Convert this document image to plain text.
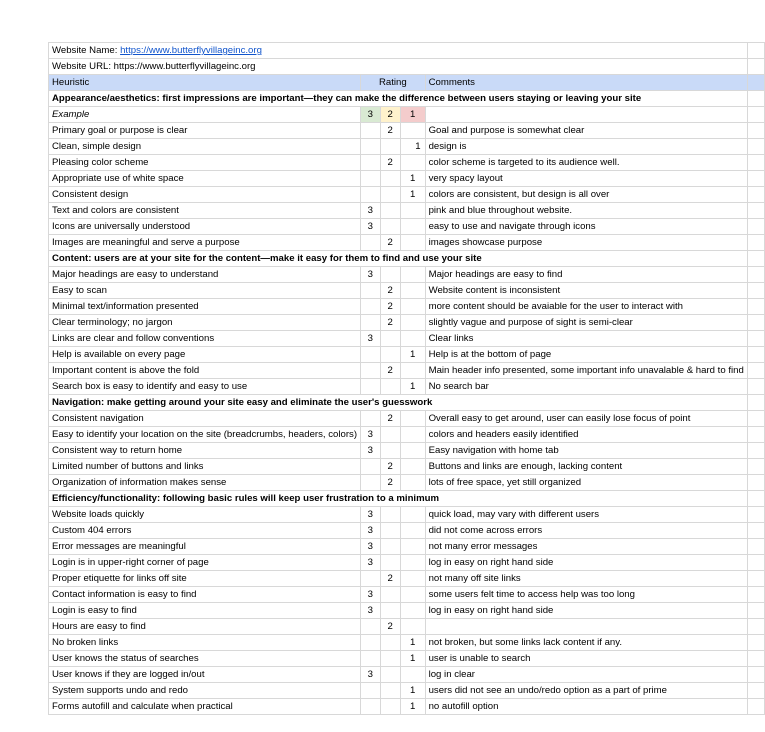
Website Name: https://www.butterflyvillageinc.org					
Website URL: https://www.butterflyvillageinc.org					
Heuristic	Rating			Comments	
Appearance/aesthetics: first impressions are important—they can make the difference between users staying or leaving your site					
Example	3	2	1		
Primary goal or purpose is clear		2		Goal and purpose is somewhat clear	
Clean, simple design			1	design is	
Pleasing color scheme		2		color scheme is targeted to its audience well.	
Appropriate use of white space			1	very spacy layout	
Consistent design			1	colors are consistent, but design is all over	
Text and colors are consistent	3			pink and blue throughout website.	
Icons are universally understood	3			easy to use and navigate through icons	
Images are meaningful and serve a purpose		2		images showcase purpose	
Content: users are at your site for the content—make it easy for them to find and use your site					
Major headings are easy to understand	3			Major headings are easy to find	
Easy to scan		2		Website content is inconsistent	
Minimal text/information presented		2		more content should be avaiable for the user to interact with	
Clear terminology; no jargon		2		slightly vague and purpose of sight is semi-clear	
Links are clear and follow conventions	3			Clear links	
Help is available on every page			1	Help is at the bottom of page	
Important content is above the fold		2		Main header info presented, some important info unavalable & hard to find	
Search box is easy to identify and easy to use			1	No search bar	
Navigation: make getting around your site easy and eliminate the user's guesswork					
Consistent navigation		2		Overall easy to get around, user can easily lose focus of point	
Easy to identify your location on the site (breadcrumbs, headers, colors)	3			colors and headers easily identified	
Consistent way to return home	3			Easy navigation with home tab	
Limited number of buttons and links		2		Buttons and links are enough, lacking content	
Organization of information makes sense		2		lots of free space, yet still organized	
Efficiency/functionality: following basic rules will keep user frustration to a minimum					
Website loads quickly	3			quick load, may vary with different users	
Custom 404 errors	3			did not come across errors	
Error messages are meaningful	3			not many error messages	
Login is in upper-right corner of page	3			log in easy on right hand side	
Proper etiquette for links off site		2		not many off site links	
Contact information is easy to find	3			some users felt time to access help was too long	
Login is easy to find	3			log in easy on right hand side	
Hours are easy to find		2			
No broken links			1	not broken, but some links lack content if any.	
User knows the status of searches			1	user is unable to search	
User knows if they are logged in/out	3			log in clear	
System supports undo and redo			1	users did not see an undo/redo option as a part of prime	
Forms autofill and calculate when practical			1	no autofill option	
